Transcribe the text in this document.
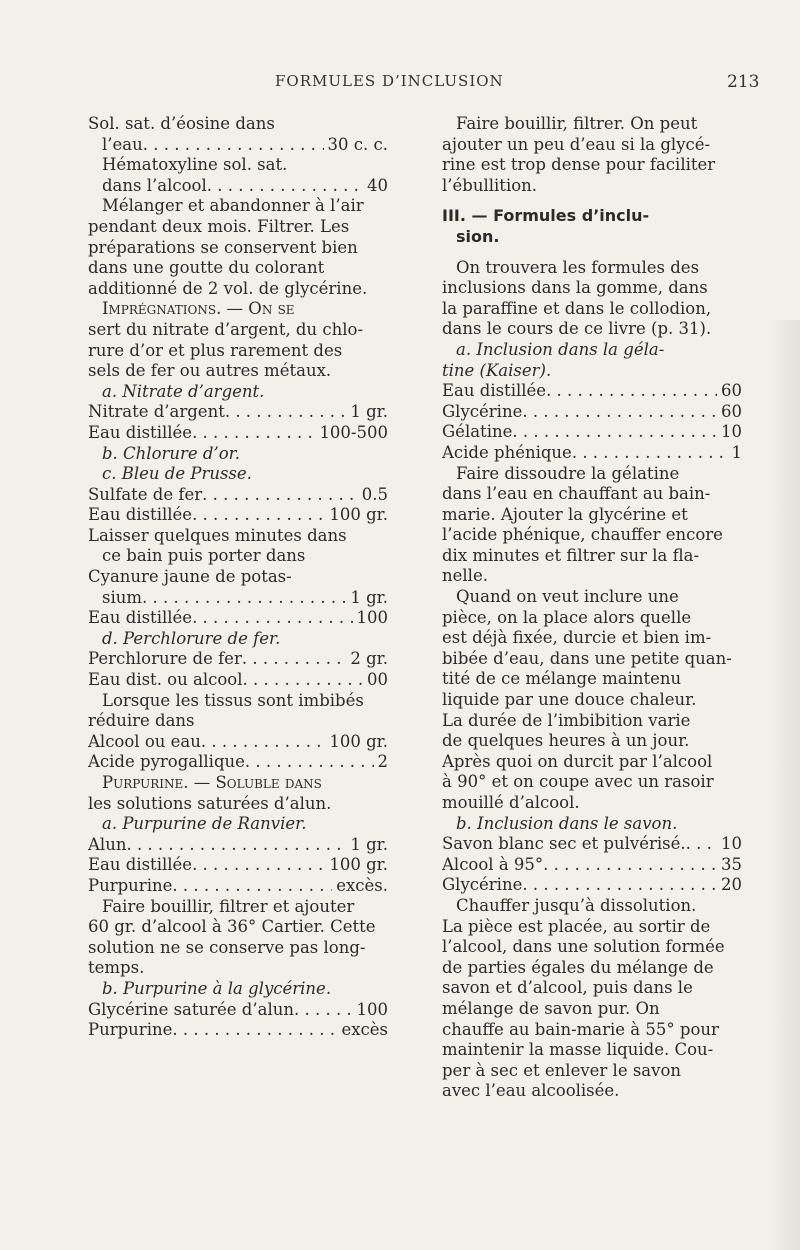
FORMULES D’INCLUSION	213
Sol. sat. d’éosine dans
l’eau . . .	30 c. c.
Hématoxyline sol. sat.
dans l’alcool . . .	40
Mélanger et abandonner à l’air
pendant deux mois. Filtrer. Les
préparations se conservent bien
dans une goutte du colorant
additionné de 2 vol. de glycérine.
Imprégnations. — On se
sert du nitrate d’argent, du chlo-
rure d’or et plus rarement des
sels de fer ou autres métaux.
a. Nitrate d’argent.
Nitrate d’argent . . .	1 gr.
Eau distillée . . .	100-500
b. Chlorure d’or.
c. Bleu de Prusse.
Sulfate de fer . . .	0.5
Eau distillée . . .	100 gr.
Laisser quelques minutes dans
ce bain puis porter dans
Cyanure jaune de potas-
sium . . .	1 gr.
Eau distillée . . .	100
d. Perchlorure de fer.
Perchlorure de fer . . .	2 gr.
Eau dist. ou alcool . . .	00
Lorsque les tissus sont imbibés
réduire dans
Alcool ou eau . . .	100 gr.
Acide pyrogallique . . .	2
Purpurine. — Soluble dans
les solutions saturées d’alun.
a. Purpurine de Ranvier.
Alun . . .	1 gr.
Eau distillée . . .	100 gr.
Purpurine . . .	excès.
Faire bouillir, filtrer et ajouter
60 gr. d’alcool à 36° Cartier. Cette
solution ne se conserve pas long-
temps.
b. Purpurine à la glycérine.
Glycérine saturée d’alun . . .	100
Purpurine . . .	excès
Faire bouillir, filtrer. On peut
ajouter un peu d’eau si la glycé-
rine est trop dense pour faciliter
l’ébullition.
III. — Formules d’inclu-
sion.
On trouvera les formules des
inclusions dans la gomme, dans
la paraffine et dans le collodion,
dans le cours de ce livre (p. 31).
a. Inclusion dans la géla-
tine (Kaiser).
Eau distillée . . .	60
Glycérine . . .	60
Gélatine . . .	10
Acide phénique . . .	1
Faire dissoudre la gélatine
dans l’eau en chauffant au bain-
marie. Ajouter la glycérine et
l’acide phénique, chauffer encore
dix minutes et filtrer sur la fla-
nelle.
Quand on veut inclure une
pièce, on la place alors quelle
est déjà fixée, durcie et bien im-
bibée d’eau, dans une petite quan-
tité de ce mélange maintenu
liquide par une douce chaleur.
La durée de l’imbibition varie
de quelques heures à un jour.
Après quoi on durcit par l’alcool
à 90° et on coupe avec un rasoir
mouillé d’alcool.
b. Inclusion dans le savon.
Savon blanc sec et pulvérisé. . . . 10
Alcool à 95° . . .	35
Glycérine . . .	20
Chauffer jusqu’à dissolution.
La pièce est placée, au sortir de
l’alcool, dans une solution formée
de parties égales du mélange de
savon et d’alcool, puis dans le
mélange de savon pur. On
chauffe au bain-marie à 55° pour
maintenir la masse liquide. Cou-
per à sec et enlever le savon
avec l’eau alcoolisée.
